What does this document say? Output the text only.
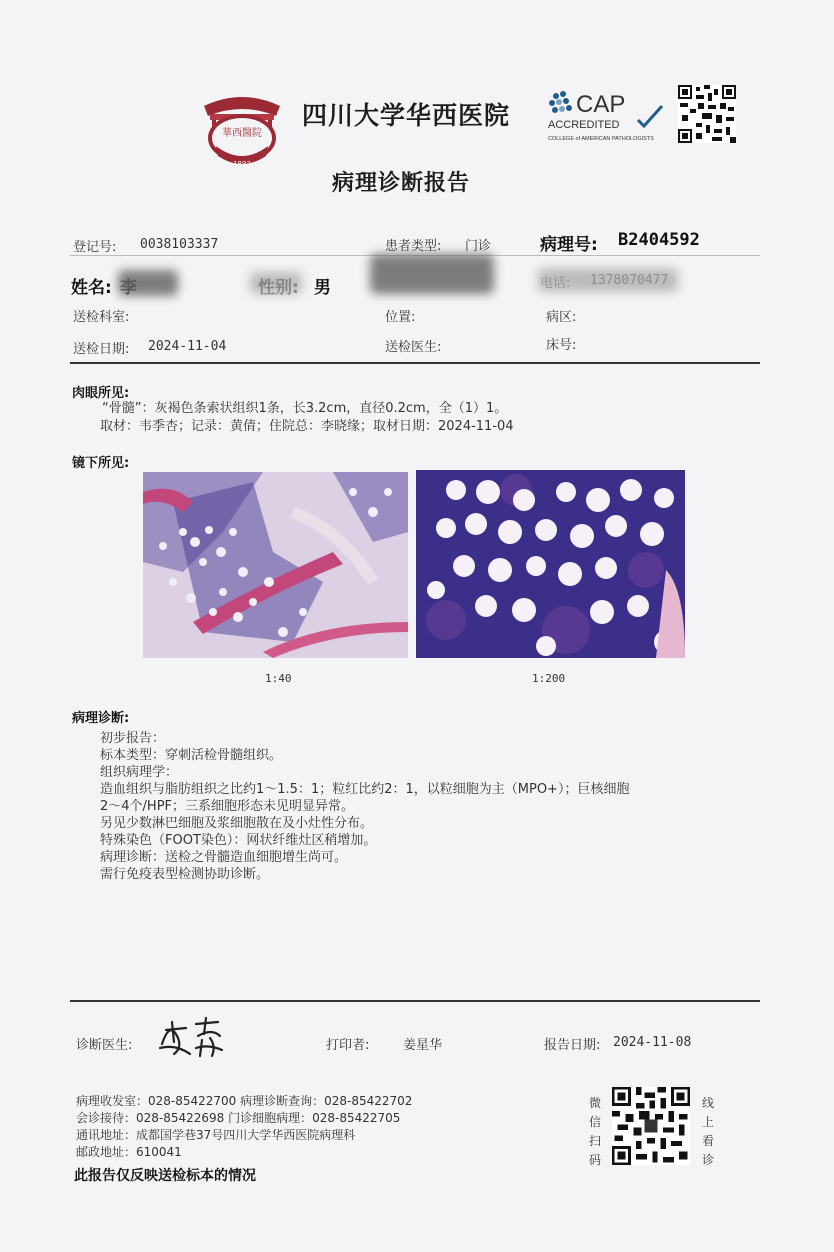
華西醫院
1892
四川大学华西医院	CAP
ACCREDITED
COLLEGE of AMERICAN PATHOLOGISTS
病理诊断报告
登记号: 0038103337	患者类型: 门诊	病理号: B2404592
姓名:	性别: 男	电话: 1378070477
送检科室:	位置:	病区:
送检日期: 2024-11-04	送检医生:	床号:
肉眼所见:
“骨髓”：灰褐色条索状组织1条，长3.2cm，直径0.2cm，全（1）1。
取材：韦季杏；记录：黄倩；住院总：李晓缘；取材日期：2024-11-04
镜下所见:
1:40	1:200
病理诊断:
初步报告：
标本类型：穿刺活检骨髓组织。
组织病理学：
造血组织与脂肪组织之比约1～1.5：1；粒红比约2：1，以粒细胞为主（MPO+）；巨核细胞
2～4个/HPF；三系细胞形态未见明显异常。
另见少数淋巴细胞及浆细胞散在及小灶性分布。
特殊染色（FOOT染色）：网状纤维灶区稍增加。
病理诊断：送检之骨髓造血细胞增生尚可。
需行免疫表型检测协助诊断。
诊断医生:	打印者:	姜星华	报告日期: 2024-11-08
病理收发室：028-85422700 病理诊断查询：028-85422702
会诊接待：028-85422698 门诊细胞病理：028-85422705
通讯地址：成都国学巷37号四川大学华西医院病理科
邮政地址：610041
此报告仅反映送检标本的情况
微信扫码
线上看诊
